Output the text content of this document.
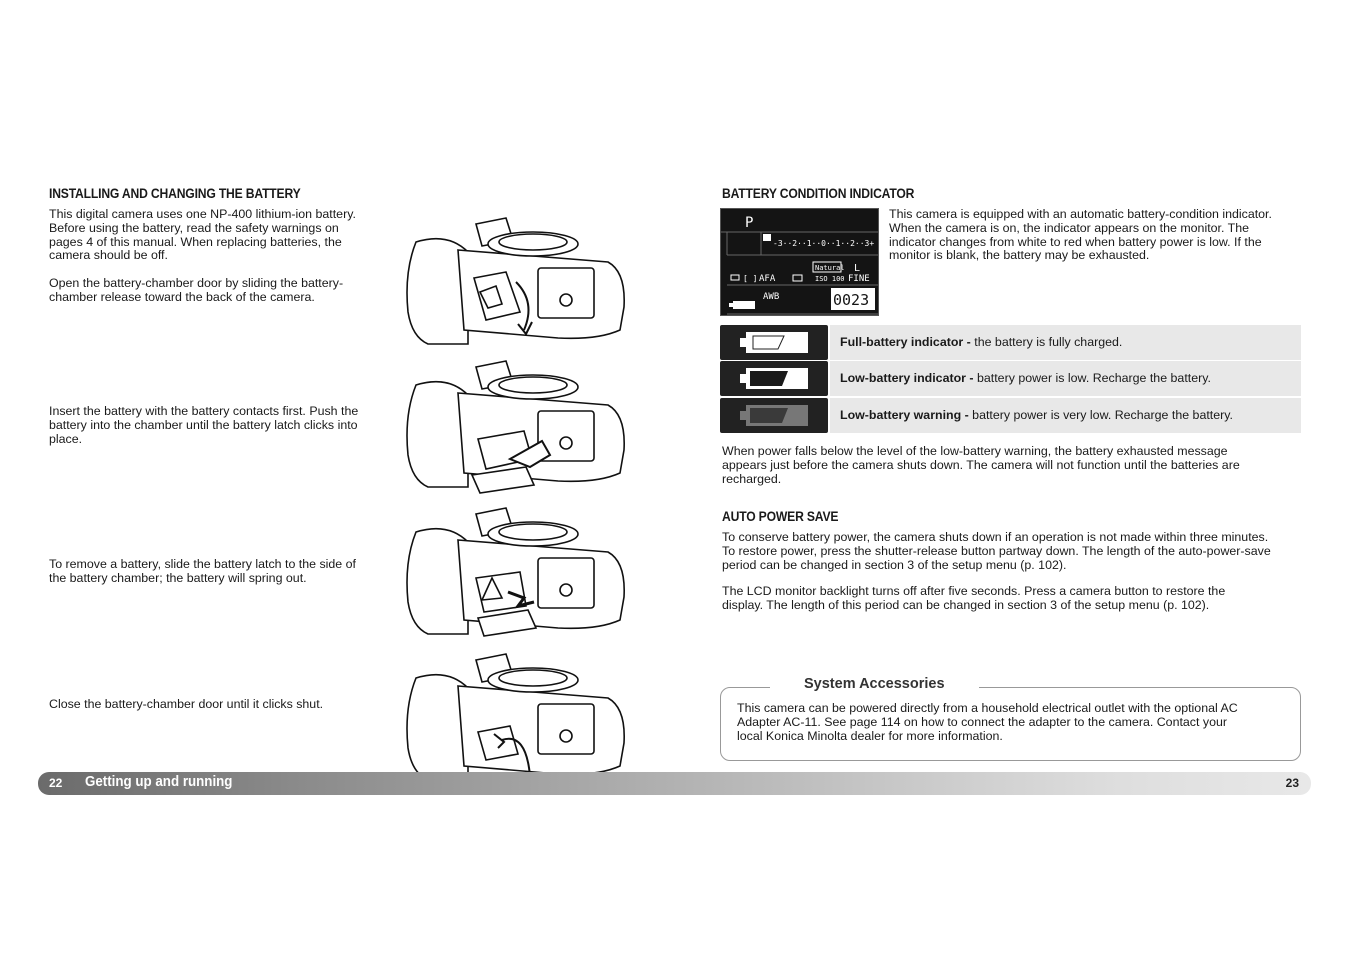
INSTALLING AND CHANGING THE BATTERY
This digital camera uses one NP-400 lithium-ion battery.
Before using the battery, read the safety warnings on
pages 4 of this manual. When replacing batteries, the
camera should be off.
Open the battery-chamber door by sliding the battery-
chamber release toward the back of the camera.
Insert the battery with the battery contacts first. Push the
battery into the chamber until the battery latch clicks into
place.
To remove a battery, slide the battery latch to the side of
the battery chamber; the battery will spring out.
Close the battery-chamber door until it clicks shut.
BATTERY CONDITION INDICATOR
P
-3··2··1··0··1··2··3+
[ ] AFA
Natural
ISO 100
L
FINE
AWB	0023
This camera is equipped with an automatic battery-condition indicator.
When the camera is on, the indicator appears on the monitor. The
indicator changes from white to red when battery power is low. If the
monitor is blank, the battery may be exhausted.
Full-battery indicator - the battery is fully charged.
Low-battery indicator - battery power is low. Recharge the battery.
Low-battery warning - battery power is very low. Recharge the battery.
When power falls below the level of the low-battery warning, the battery exhausted message
appears just before the camera shuts down. The camera will not function until the batteries are
recharged.
AUTO POWER SAVE
To conserve battery power, the camera shuts down if an operation is not made within three minutes.
To restore power, press the shutter-release button partway down. The length of the auto-power-save
period can be changed in section 3 of the setup menu (p. 102).
The LCD monitor backlight turns off after five seconds. Press a camera button to restore the
display. The length of this period can be changed in section 3 of the setup menu (p. 102).
System Accessories
This camera can be powered directly from a household electrical outlet with the optional AC
Adapter AC-11. See page 114 on how to connect the adapter to the camera. Contact your
local Konica Minolta dealer for more information.
22 Getting up and running	23
